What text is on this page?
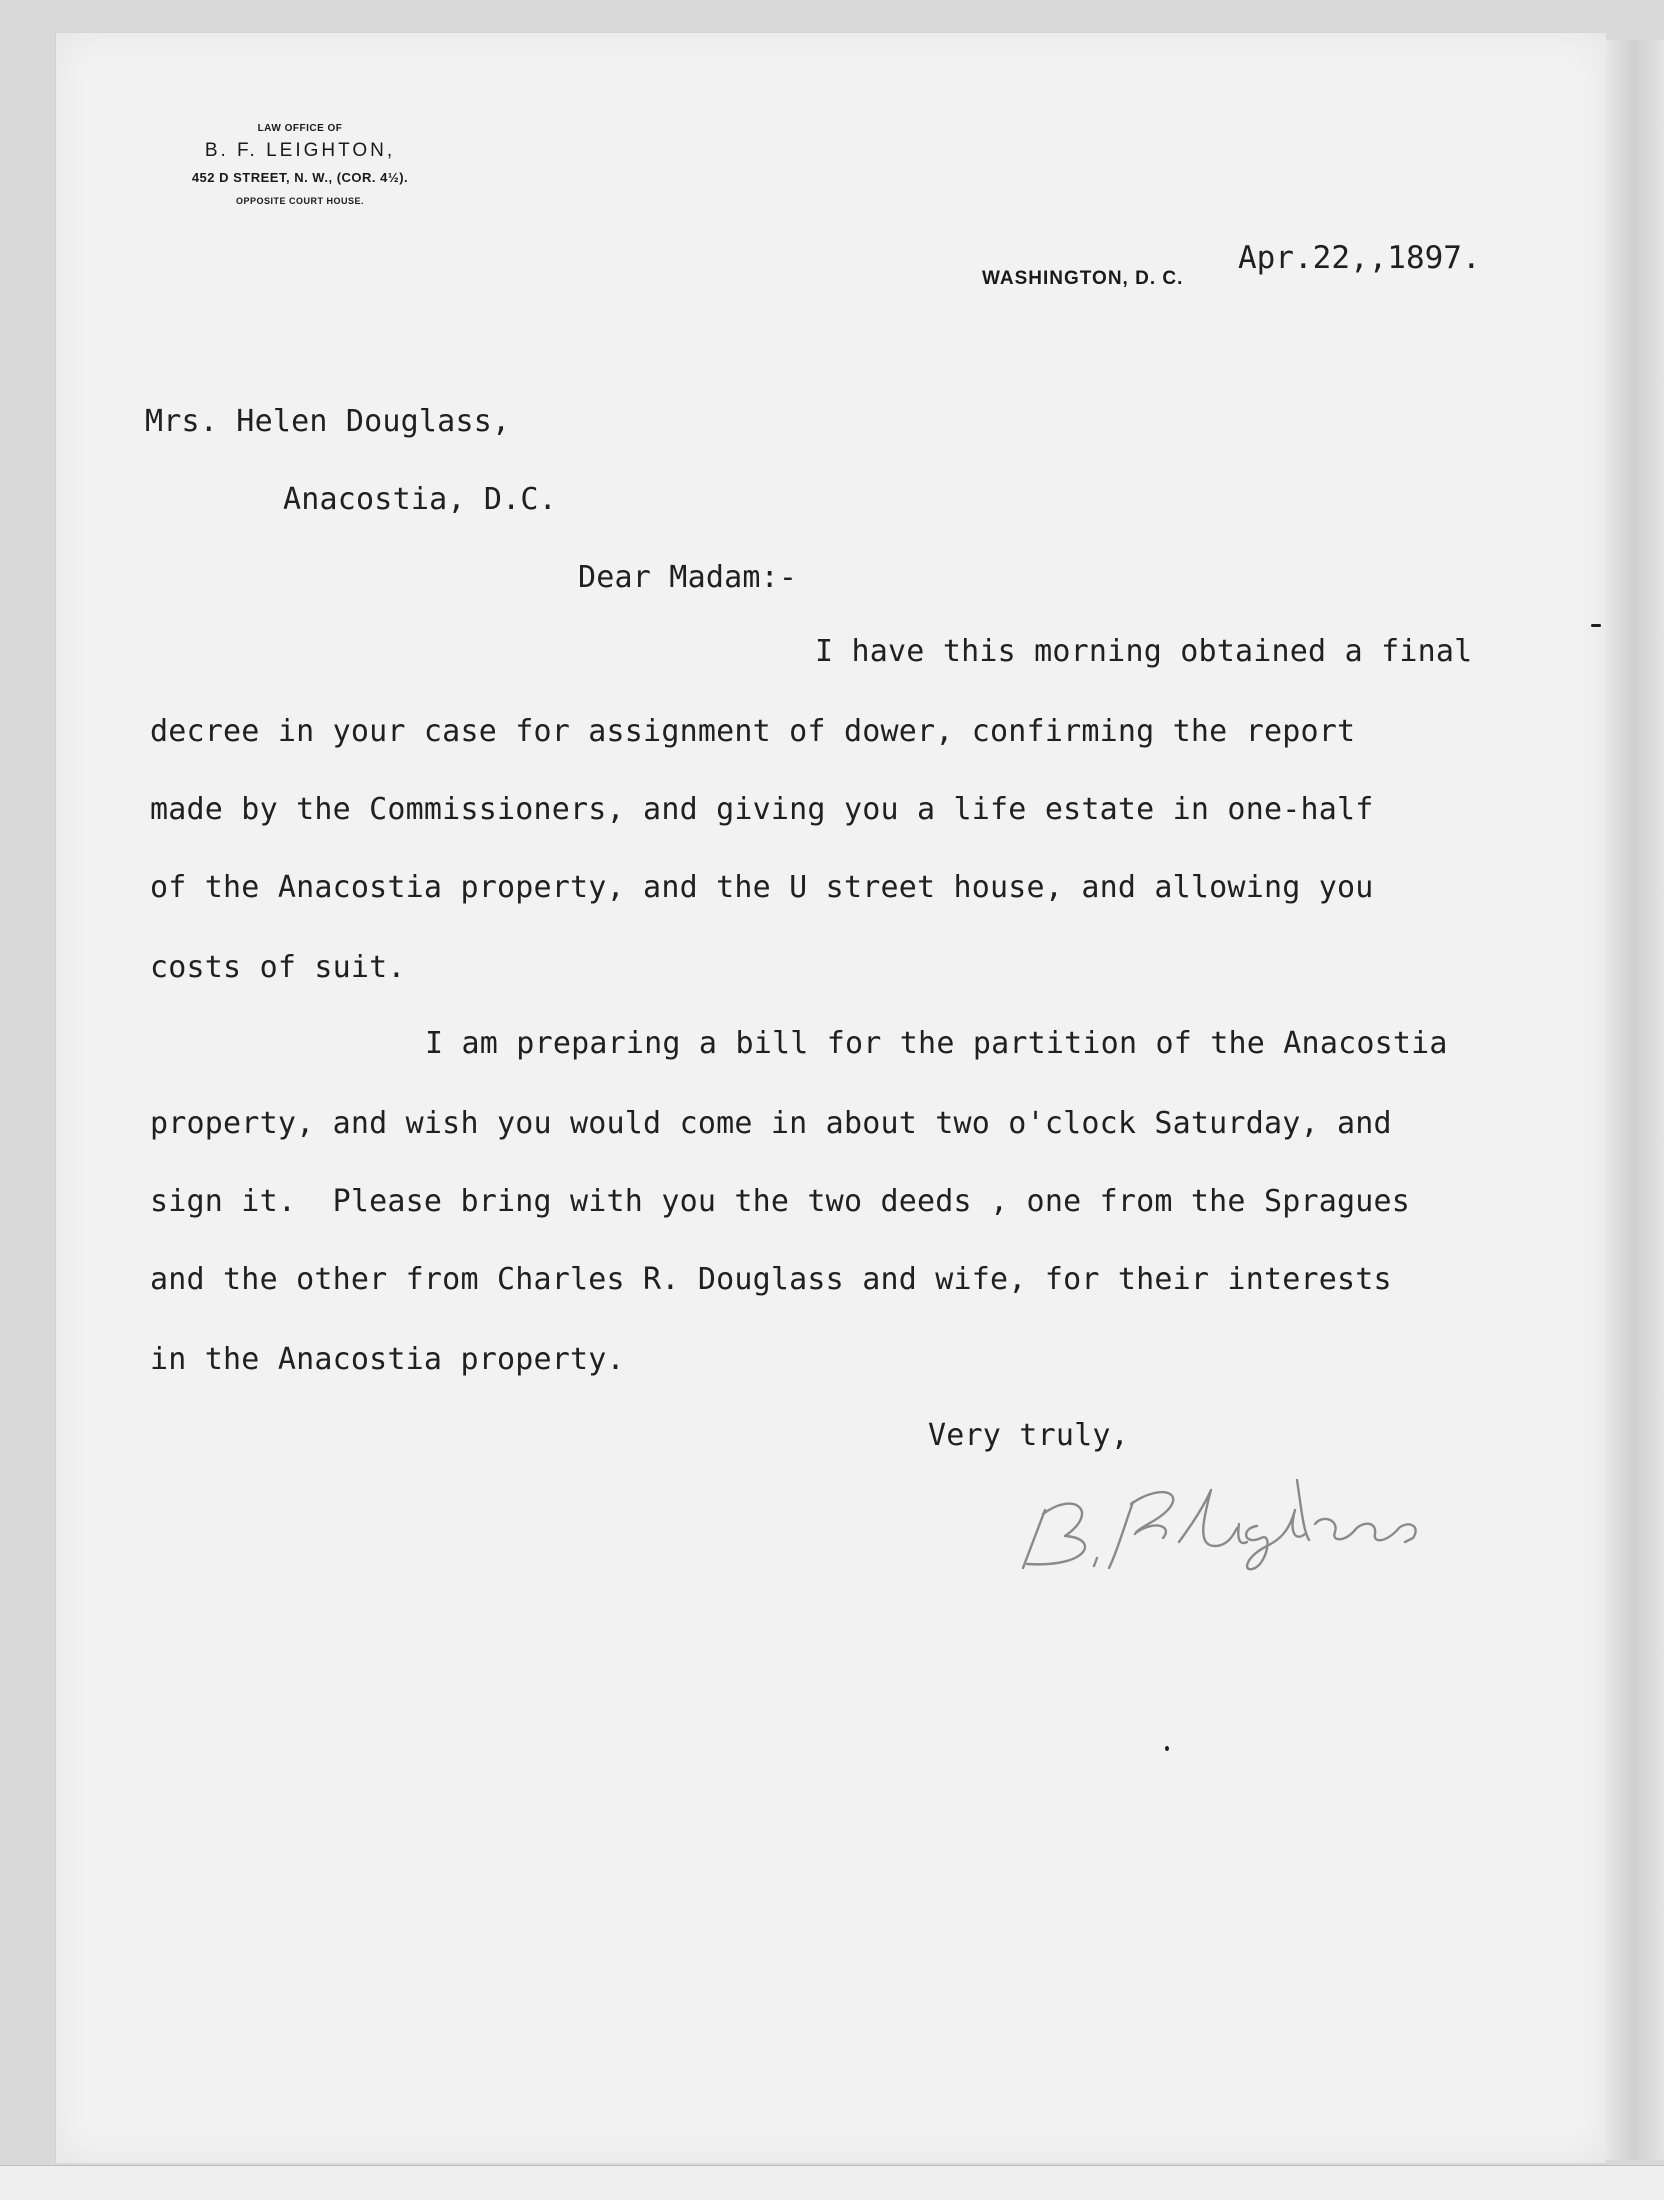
LAW OFFICE OF
B. F. LEIGHTON,
452 D STREET, N. W., (COR. 4½).
OPPOSITE COURT HOUSE.
WASHINGTON, D. C.
Apr.22,,1897.
Mrs. Helen Douglass,
Anacostia, D.C.
Dear Madam:-
I have this morning obtained a final
decree in your case for assignment of dower, confirming the report
made by the Commissioners, and giving you a life estate in one-half
of the Anacostia property, and the U street house, and allowing you
costs of suit.
I am preparing a bill for the partition of the Anacostia
property, and wish you would come in about two o'clock Saturday, and
sign it.  Please bring with you the two deeds , one from the Spragues
and the other from Charles R. Douglass and wife, for their interests
in the Anacostia property.
Very truly,
